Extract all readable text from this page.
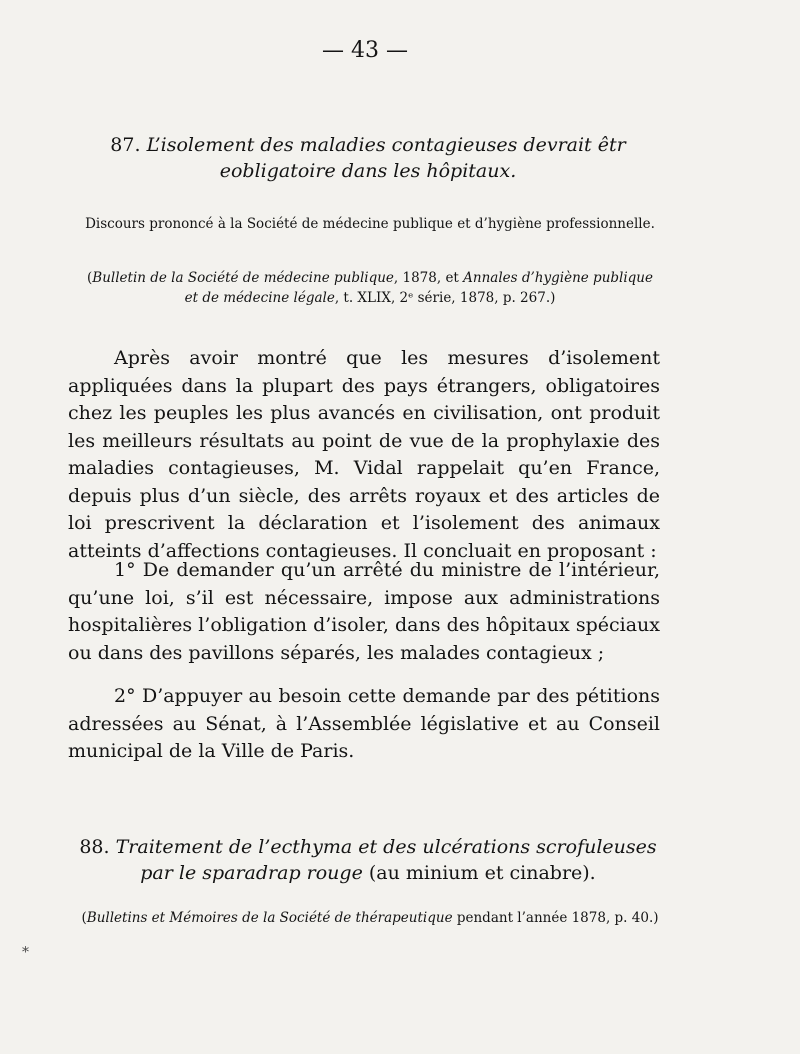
— 43 —
87. L’isolement des maladies contagieuses devrait êtr eobligatoire dans les hôpitaux.
Discours prononcé à la Société de médecine publique et d’hygiène professionnelle.
(Bulletin de la Société de médecine publique, 1878, et Annales d’hygiène publique et de médecine légale, t. XLIX, 2ᵉ série, 1878, p. 267.)
Après avoir montré que les mesures d’isolement appliquées dans la plupart des pays étrangers, obligatoires chez les peuples les plus avancés en civilisation, ont produit les meilleurs résultats au point de vue de la prophylaxie des maladies contagieuses, M. Vidal rappelait qu’en France, depuis plus d’un siècle, des arrêts royaux et des articles de loi prescrivent la déclaration et l’isolement des animaux atteints d’affections contagieuses. Il concluait en proposant :
1° De demander qu’un arrêté du ministre de l’intérieur, qu’une loi, s’il est nécessaire, impose aux administrations hospitalières l’obligation d’isoler, dans des hôpitaux spéciaux ou dans des pavillons séparés, les malades contagieux ;
2° D’appuyer au besoin cette demande par des pétitions adressées au Sénat, à l’Assemblée législative et au Conseil municipal de la Ville de Paris.
88. Traitement de l’ecthyma et des ulcérations scrofuleuses par le sparadrap rouge (au minium et cinabre).
(Bulletins et Mémoires de la Société de thérapeutique pendant l’année 1878, p. 40.)
⁎
